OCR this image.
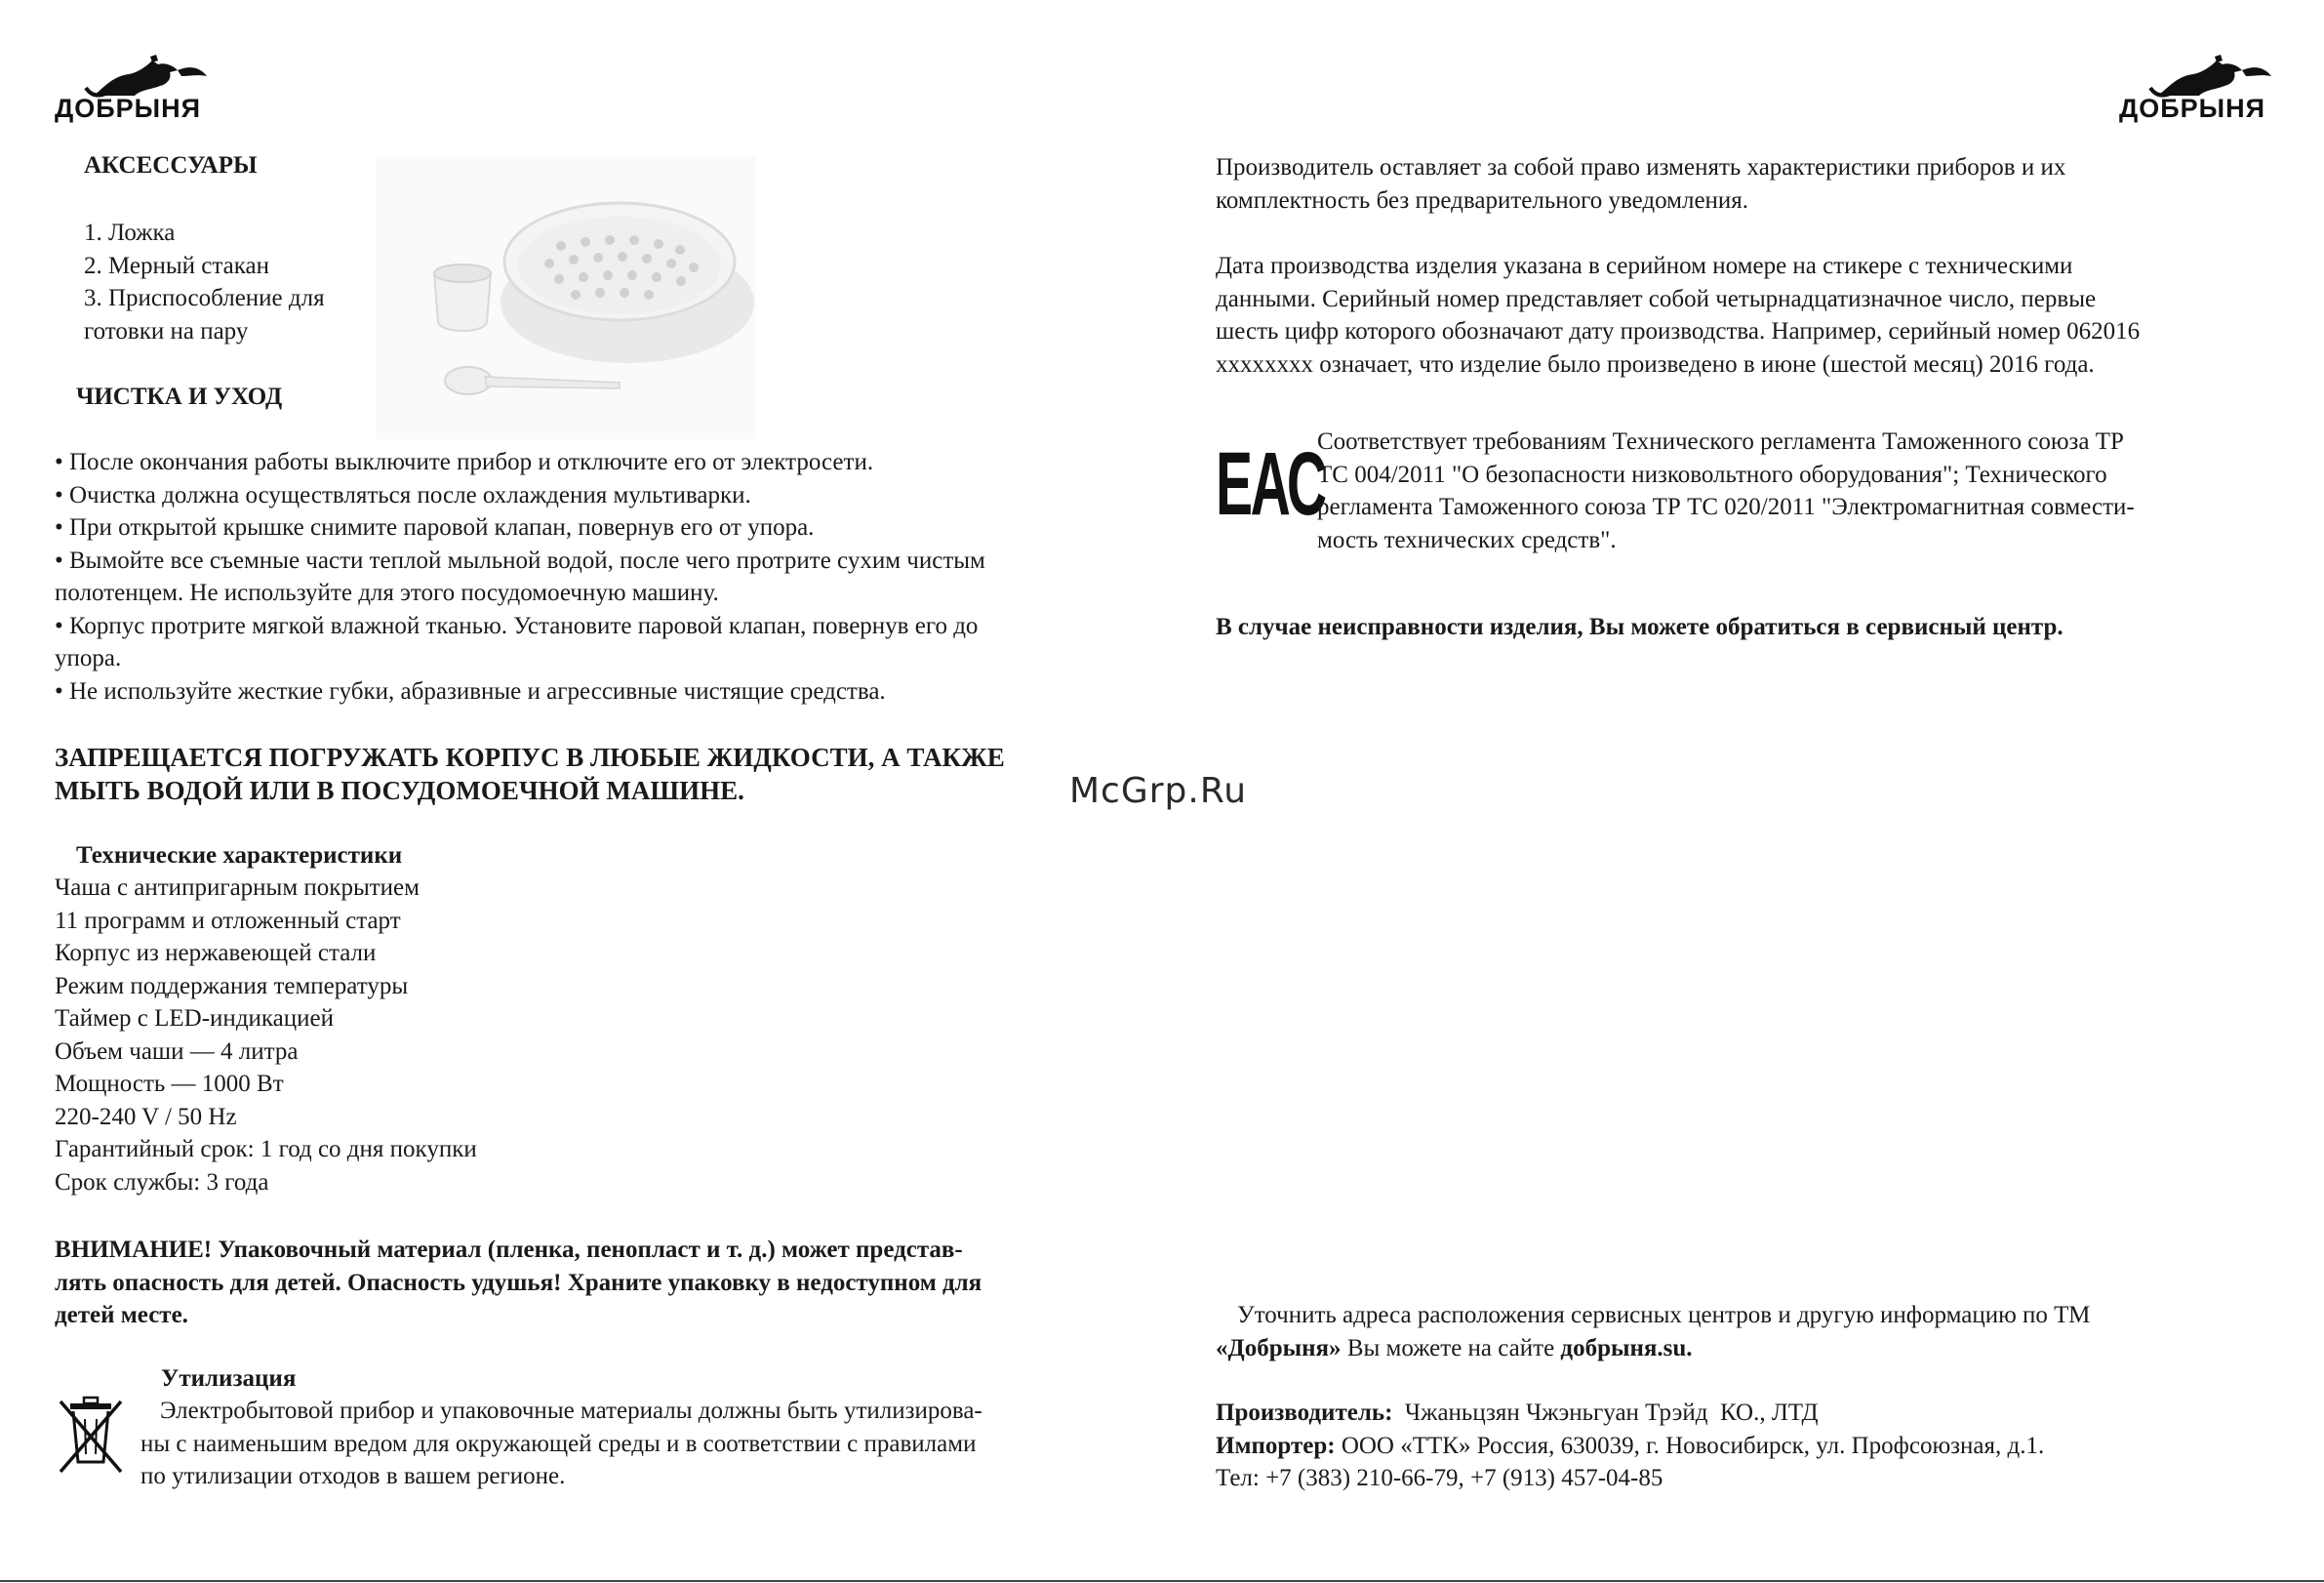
ДОБРЫНЯ	ДОБРЫНЯ
АКСЕССУАРЫ
1. Ложка
2. Мерный стакан
3. Приспособление для
готовки на пару
ЧИСТКА И УХОД
• После окончания работы выключите прибор и отключите его от электросети.
• Очистка должна осуществляться после охлаждения мультиварки.
• При открытой крышке снимите паровой клапан, повернув его от упора.
• Вымойте все съемные части теплой мыльной водой, после чего протрите сухим чистым
полотенцем. Не используйте для этого посудомоечную машину.
• Корпус протрите мягкой влажной тканью. Установите паровой клапан, повернув его до
упора.
• Не используйте жесткие губки, абразивные и агрессивные чистящие средства.
ЗАПРЕЩАЕТСЯ ПОГРУЖАТЬ КОРПУС В ЛЮБЫЕ ЖИДКОСТИ, А ТАКЖЕ
МЫТЬ ВОДОЙ ИЛИ В ПОСУДОМОЕЧНОЙ МАШИНЕ.
Технические характеристики
Чаша с антипригарным покрытием
11 программ и отложенный старт
Корпус из нержавеющей стали
Режим поддержания температуры
Таймер с LED-индикацией
Объем чаши — 4 литра
Мощность — 1000 Вт
220-240 V / 50 Hz
Гарантийный срок: 1 год со дня покупки
Срок службы: 3 года
ВНИМАНИЕ! Упаковочный материал (пленка, пенопласт и т. д.) может представ-
лять опасность для детей. Опасность удушья! Храните упаковку в недоступном для
детей месте.
Утилизация
Электробытовой прибор и упаковочные материалы должны быть утилизирова-
ны с наименьшим вредом для окружающей среды и в соответствии с правилами
по утилизации отходов в вашем регионе.
McGrp.Ru
Производитель оставляет за собой право изменять характеристики приборов и их
комплектность без предварительного уведомления.
Дата производства изделия указана в серийном номере на стикере с техническими
данными. Серийный номер представляет собой четырнадцатизначное число, первые
шесть цифр которого обозначают дату производства. Например, серийный номер 062016
xxxxxxxx означает, что изделие было произведено в июне (шестой месяц) 2016 года.
ЕАС
Соответствует требованиям Технического регламента Таможенного союза ТР
ТС 004/2011 "О безопасности низковольтного оборудования"; Технического
регламента Таможенного союза ТР ТС 020/2011 "Электромагнитная совмести-
мость технических средств".
В случае неисправности изделия, Вы можете обратиться в сервисный центр.
Уточнить адреса расположения сервисных центров и другую информацию по ТМ
«Добрыня» Вы можете на сайте добрыня.su.
Производитель:  Чжаньцзян Чжэньгуан Трэйд  КО., ЛТД
Импортер: ООО «ТТК» Россия, 630039, г. Новосибирск, ул. Профсоюзная, д.1.
Тел: +7 (383) 210-66-79, +7 (913) 457-04-85
